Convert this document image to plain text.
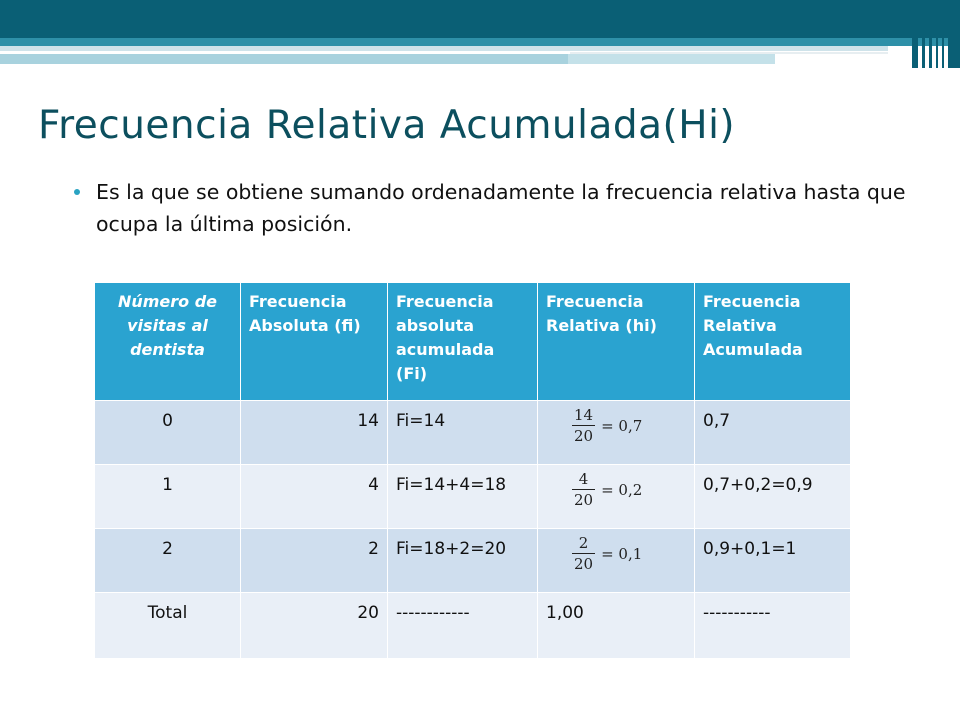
Frecuencia Relativa Acumulada(Hi)
Es la que se obtiene sumando ordenadamente la frecuencia relativa hasta que ocupa la última posición.
Número de visitas al dentista	Frecuencia Absoluta (fi)	Frecuencia absoluta acumulada (Fi)	Frecuencia Relativa (hi)	Frecuencia Relativa Acumulada
0	14	Fi=14	$\frac{14}{20} = 0,7$	0,7
1	4	Fi=14+4=18	$\frac{4}{20} = 0,2$	0,7+0,2=0,9
2	2	Fi=18+2=20	$\frac{2}{20} = 0,1$	0,9+0,1=1
Total	20	------------	1,00	-----------
